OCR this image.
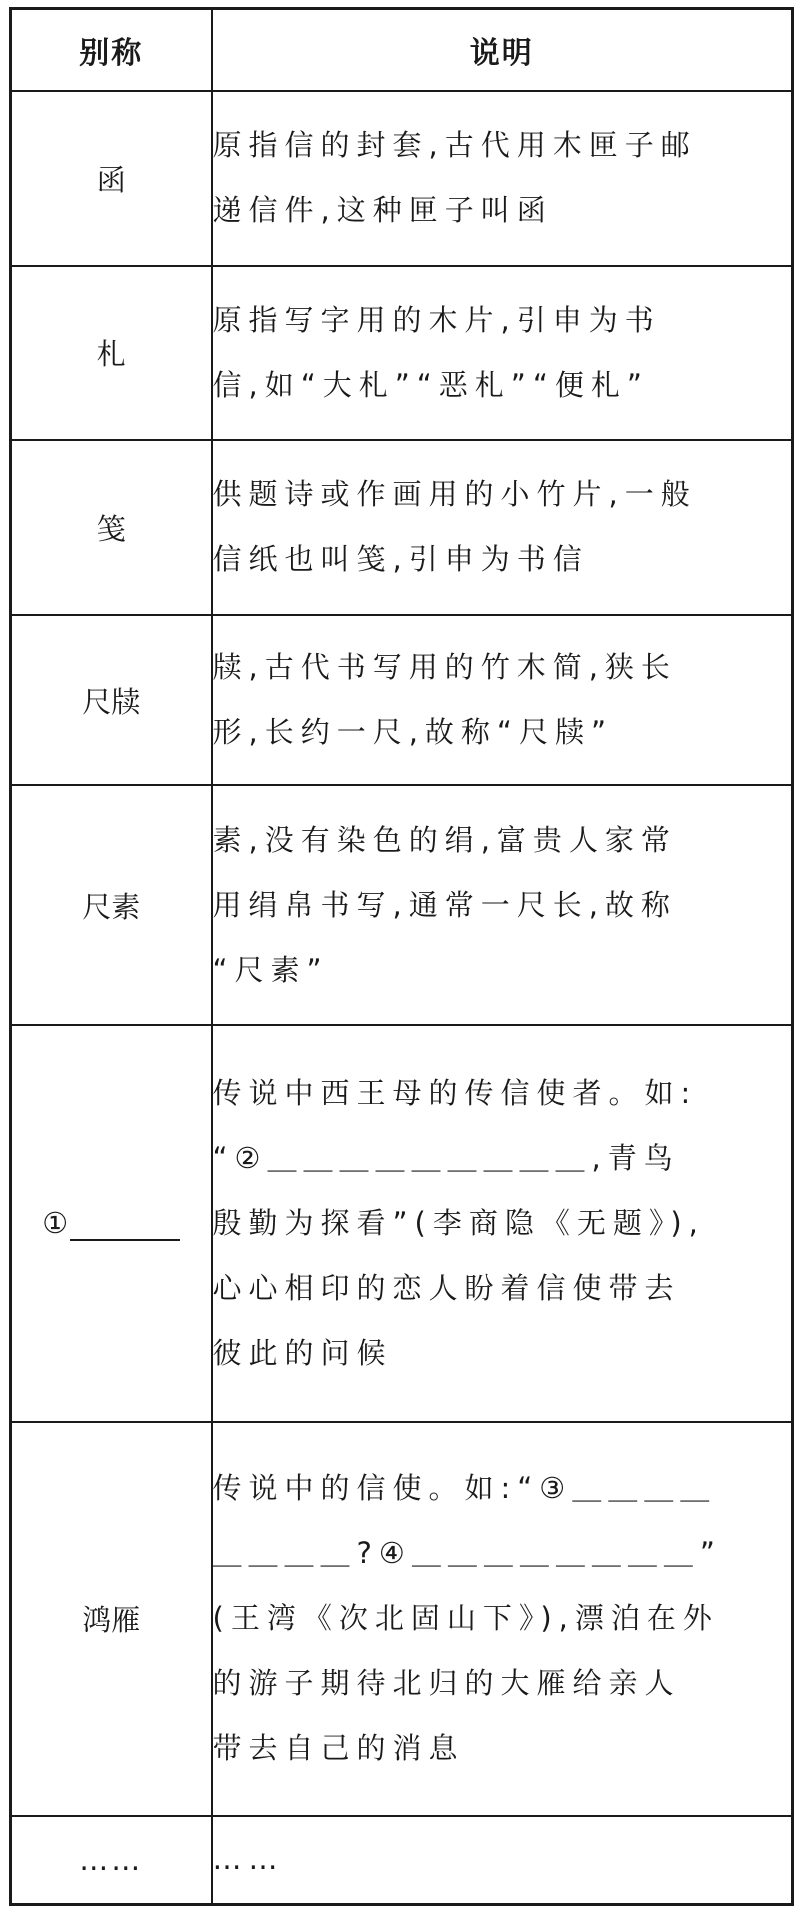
别称	说明
函	原指信的封套,古代用木匣子邮
递信件,这种匣子叫函
札	原指写字用的木片,引申为书
信,如“大札”“恶札”“便札”
笺	供题诗或作画用的小竹片,一般
信纸也叫笺,引申为书信
尺牍	牍,古代书写用的竹木简,狭长
形,长约一尺,故称“尺牍”
尺素	素,没有染色的绢,富贵人家常
用绢帛书写,通常一尺长,故称
“尺素”
①	传说中西王母的传信使者。如:
“②＿＿＿＿＿＿＿＿＿,青鸟
殷勤为探看”(李商隐《无题》),
心心相印的恋人盼着信使带去
彼此的问候
鸿雁	传说中的信使。如:“③＿＿＿＿
＿＿＿＿?④＿＿＿＿＿＿＿＿”
(王湾《次北固山下》),漂泊在外
的游子期待北归的大雁给亲人
带去自己的消息
……	……
